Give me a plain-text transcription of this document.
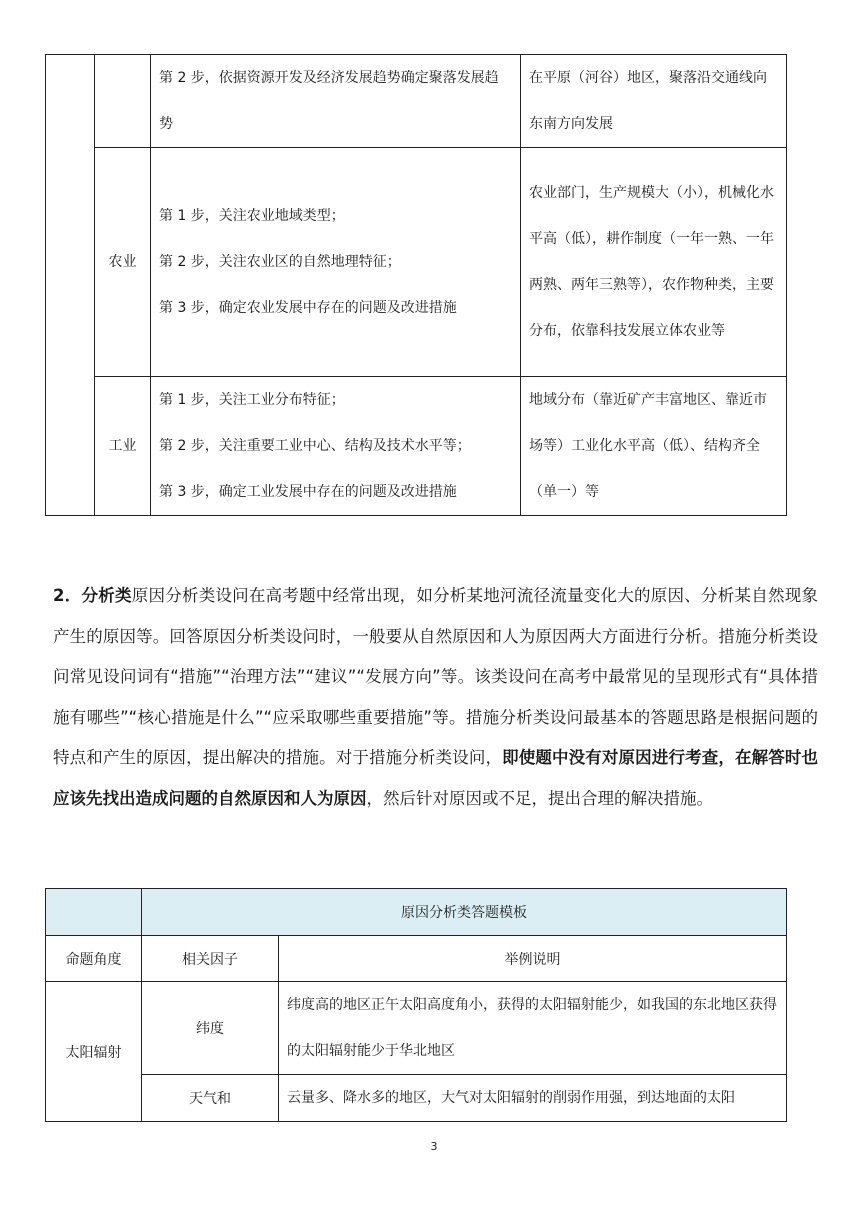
		第 2 步，依据资源开发及经济发展趋势确定聚落发展趋势	在平原（河谷）地区，聚落沿交通线向东南方向发展
	农业	第 1 步，关注农业地域类型；
第 2 步，关注农业区的自然地理特征；
第 3 步，确定农业发展中存在的问题及改进措施	农业部门，生产规模大（小），机械化水平高（低），耕作制度（一年一熟、一年两熟、两年三熟等），农作物种类，主要分布，依靠科技发展立体农业等
	工业	第 1 步，关注工业分布特征；
第 2 步，关注重要工业中心、结构及技术水平等；
第 3 步，确定工业发展中存在的问题及改进措施	地域分布（靠近矿产丰富地区、靠近市场等）工业化水平高（低）、结构齐全（单一）等

2．分析类原因分析类设问在高考题中经常出现，如分析某地河流径流量变化大的原因、分析某自然现象产生的原因等。回答原因分析类设问时，一般要从自然原因和人为原因两大方面进行分析。措施分析类设问常见设问词有“措施”“治理方法”“建议”“发展方向”等。该类设问在高考中最常见的呈现形式有“具体措施有哪些”“核心措施是什么”“应采取哪些重要措施”等。措施分析类设问最基本的答题思路是根据问题的特点和产生的原因，提出解决的措施。对于措施分析类设问，即使题中没有对原因进行考查，在解答时也应该先找出造成问题的自然原因和人为原因，然后针对原因或不足，提出合理的解决措施。

	原因分析类答题模板	
命题角度	相关因子	举例说明
太阳辐射	纬度	纬度高的地区正午太阳高度角小，获得的太阳辐射能少，如我国的东北地区获得的太阳辐射能少于华北地区
	天气和	云量多、降水多的地区，大气对太阳辐射的削弱作用强，到达地面的太阳
3
